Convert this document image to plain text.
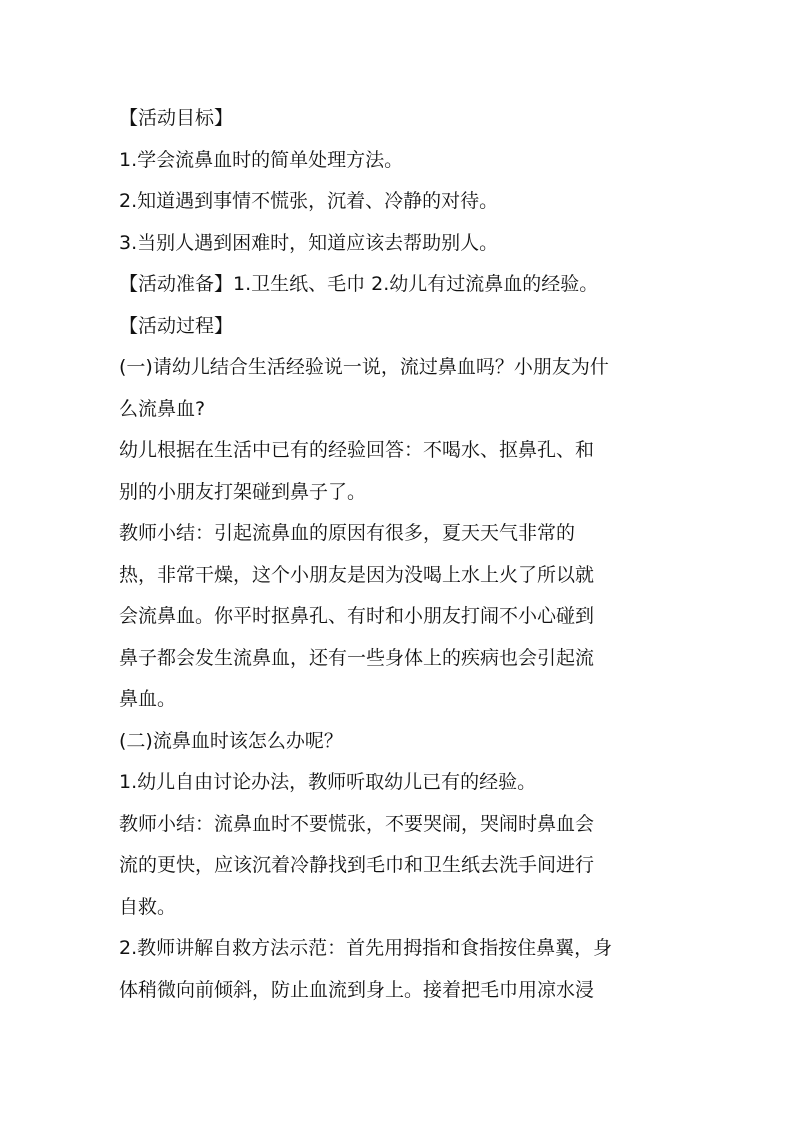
【活动目标】
1.学会流鼻血时的简单处理方法。
2.知道遇到事情不慌张，沉着、冷静的对待。
3.当别人遇到困难时，知道应该去帮助别人。
【活动准备】1.卫生纸、毛巾 2.幼儿有过流鼻血的经验。
【活动过程】
(一)请幼儿结合生活经验说一说，流过鼻血吗？小朋友为什
么流鼻血?
幼儿根据在生活中已有的经验回答：不喝水、抠鼻孔、和
别的小朋友打架碰到鼻子了。
教师小结：引起流鼻血的原因有很多，夏天天气非常的
热，非常干燥，这个小朋友是因为没喝上水上火了所以就
会流鼻血。你平时抠鼻孔、有时和小朋友打闹不小心碰到
鼻子都会发生流鼻血，还有一些身体上的疾病也会引起流
鼻血。
(二)流鼻血时该怎么办呢？
1.幼儿自由讨论办法，教师听取幼儿已有的经验。
教师小结：流鼻血时不要慌张，不要哭闹，哭闹时鼻血会
流的更快，应该沉着冷静找到毛巾和卫生纸去洗手间进行
自救。
2.教师讲解自救方法示范：首先用拇指和食指按住鼻翼，身
体稍微向前倾斜，防止血流到身上。接着把毛巾用凉水浸
